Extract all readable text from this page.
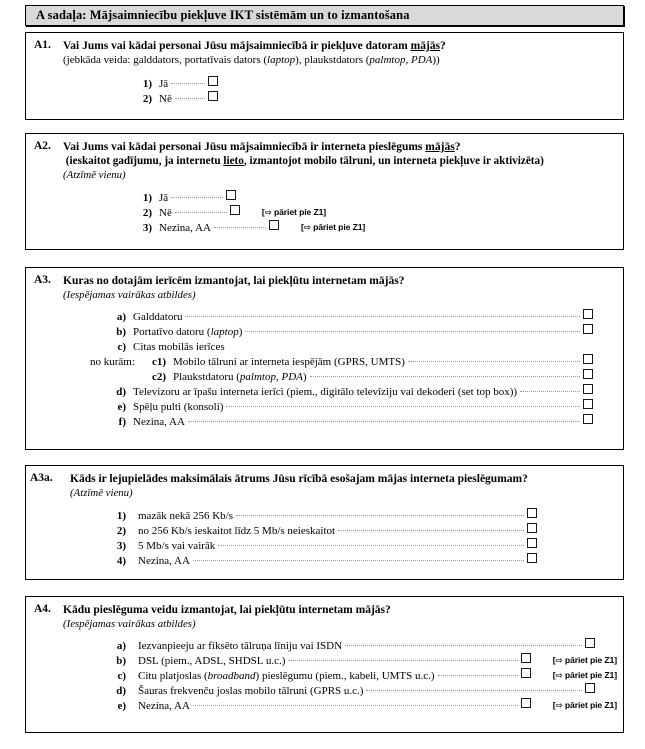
A sadaļa: Mājsaimniecību piekļuve IKT sistēmām un to izmantošana
A1. Vai Jums vai kādai personai Jūsu mājsaimniecībā ir piekļuve datoram mājās?
(jebkāda veida: galddators, portatīvais dators (laptop), plaukstdators (palmtop, PDA))
1) Jā
2) Nē
A2. Vai Jums vai kādai personai Jūsu mājsaimniecībā ir interneta pieslēgums mājās?
(ieskaitot gadījumu, ja internetu lieto, izmantojot mobilo tālruni, un interneta piekļuve ir aktivizēta)
(Atzīmē vienu)
1) Jā
2) Nē	[⇨ pāriet pie Z1]
3) Nezina, AA	[⇨ pāriet pie Z1]
A3. Kuras no dotajām ierīcēm izmantojat, lai piekļūtu internetam mājās?
(Iespējamas vairākas atbildes)
a) Galddatoru
b) Portatīvo datoru (laptop)
c) Citas mobilās ierīces
no kurām:	c1) Mobilo tālruni ar interneta iespējām (GPRS, UMTS)
c2) Plaukstdatoru (palmtop, PDA)
d) Televizoru ar īpašu interneta ierīci (piem., digitālo televīziju vai dekoderi (set top box))
e) Spēļu pulti (konsoli)
f) Nezina, AA
A3a. Kāds ir lejupielādes maksimālais ātrums Jūsu rīcībā esošajam mājas interneta pieslēgumam?
(Atzīmē vienu)
1)	mazāk nekā 256 Kb/s
2)	no 256 Kb/s ieskaitot līdz 5 Mb/s neieskaitot
3)	5 Mb/s vai vairāk
4)	Nezina, AA
A4. Kādu pieslēguma veidu izmantojat, lai piekļūtu internetam mājās?
(Iespējamas vairākas atbildes)
a)	Iezvanpieeju ar fiksēto tālruņa līniju vai ISDN
b)	DSL (piem., ADSL, SHDSL u.c.)	[⇨ pāriet pie Z1]
c)	Citu platjoslas (broadband) pieslēgumu (piem., kabeli, UMTS u.c.)	[⇨ pāriet pie Z1]
d)	Šauras frekvenču joslas mobilo tālruni (GPRS u.c.)
e)	Nezina, AA	[⇨ pāriet pie Z1]
